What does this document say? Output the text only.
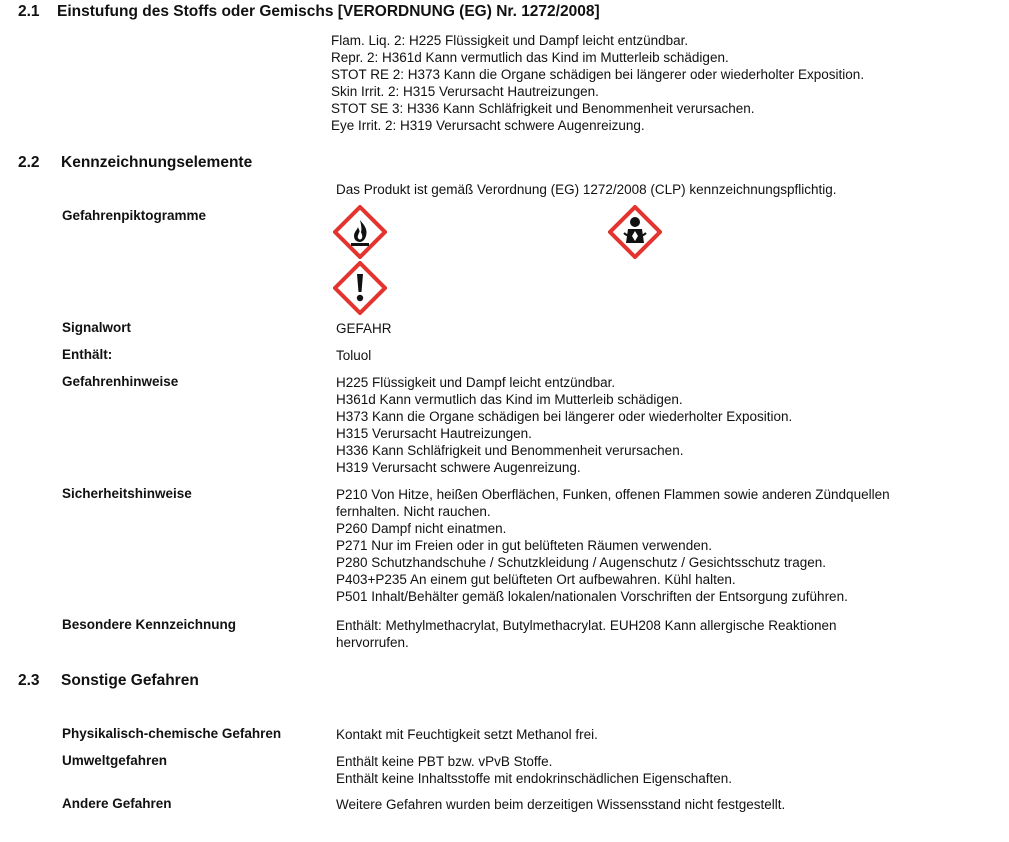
2.1 Einstufung des Stoffs oder Gemischs [VERORDNUNG (EG) Nr. 1272/2008]
Flam. Liq. 2: H225 Flüssigkeit und Dampf leicht entzündbar.
Repr. 2: H361d Kann vermutlich das Kind im Mutterleib schädigen.
STOT RE 2: H373 Kann die Organe schädigen bei längerer oder wiederholter Exposition.
Skin Irrit. 2: H315 Verursacht Hautreizungen.
STOT SE 3: H336 Kann Schläfrigkeit und Benommenheit verursachen.
Eye Irrit. 2: H319 Verursacht schwere Augenreizung.
2.2 Kennzeichnungselemente
Das Produkt ist gemäß Verordnung (EG) 1272/2008 (CLP) kennzeichnungspflichtig.
Gefahrenpiktogramme
Signalwort	GEFAHR
Enthält:	Toluol
Gefahrenhinweise	H225 Flüssigkeit und Dampf leicht entzündbar.
H361d Kann vermutlich das Kind im Mutterleib schädigen.
H373 Kann die Organe schädigen bei längerer oder wiederholter Exposition.
H315 Verursacht Hautreizungen.
H336 Kann Schläfrigkeit und Benommenheit verursachen.
H319 Verursacht schwere Augenreizung.
Sicherheitshinweise	P210 Von Hitze, heißen Oberflächen, Funken, offenen Flammen sowie anderen Zündquellen
fernhalten. Nicht rauchen.
P260 Dampf nicht einatmen.
P271 Nur im Freien oder in gut belüfteten Räumen verwenden.
P280 Schutzhandschuhe / Schutzkleidung / Augenschutz / Gesichtsschutz tragen.
P403+P235 An einem gut belüfteten Ort aufbewahren. Kühl halten.
P501 Inhalt/Behälter gemäß lokalen/nationalen Vorschriften der Entsorgung zuführen.
Besondere Kennzeichnung	Enthält: Methylmethacrylat, Butylmethacrylat. EUH208 Kann allergische Reaktionen
hervorrufen.
2.3 Sonstige Gefahren
Physikalisch-chemische Gefahren	Kontakt mit Feuchtigkeit setzt Methanol frei.
Umweltgefahren	Enthält keine PBT bzw. vPvB Stoffe.
Enthält keine Inhaltsstoffe mit endokrinschädlichen Eigenschaften.
Andere Gefahren	Weitere Gefahren wurden beim derzeitigen Wissensstand nicht festgestellt.
